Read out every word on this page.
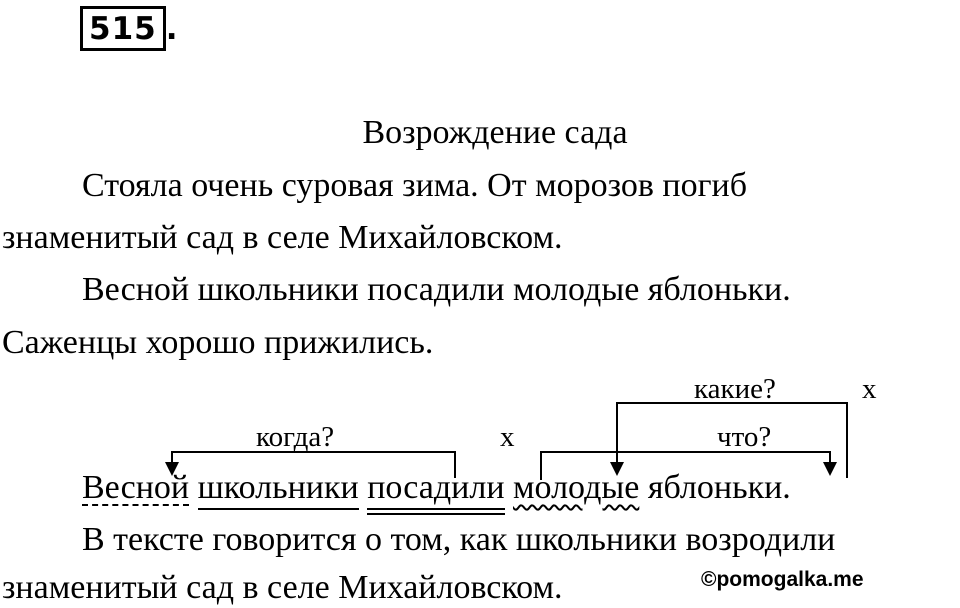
515 .
Возрождение сада
Стояла очень суровая зима. От морозов погиб
знаменитый сад в селе Михайловском.
Весной школьники посадили молодые яблоньки.
Саженцы хорошо прижились.
какие?	x
когда?	x	что?
Весной школьники посадили молодые яблоньки.
В тексте говорится о том, как школьники возродили
знаменитый сад в селе Михайловском.	©pomogalka.me
